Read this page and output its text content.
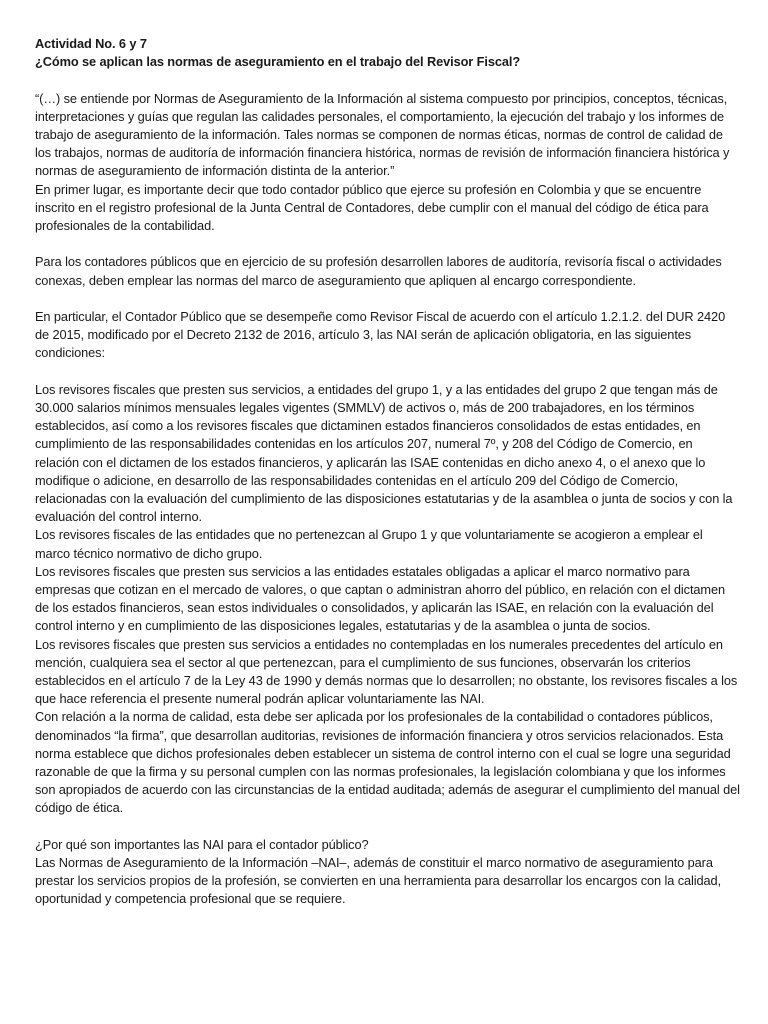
Actividad No. 6 y 7

¿Cómo se aplican las normas de aseguramiento en el trabajo del Revisor Fiscal?

“(…) se entiende por Normas de Aseguramiento de la Información al sistema compuesto por principios, conceptos, técnicas, interpretaciones y guías que regulan las calidades personales, el comportamiento, la ejecución del trabajo y los informes de trabajo de aseguramiento de la información. Tales normas se componen de normas éticas, normas de control de calidad de los trabajos, normas de auditoría de información financiera histórica, normas de revisión de información financiera histórica y normas de aseguramiento de información distinta de la anterior.”

En primer lugar, es importante decir que todo contador público que ejerce su profesión en Colombia y que se encuentre inscrito en el registro profesional de la Junta Central de Contadores, debe cumplir con el manual del código de ética para profesionales de la contabilidad.

Para los contadores públicos que en ejercicio de su profesión desarrollen labores de auditoría, revisoría fiscal o actividades conexas, deben emplear las normas del marco de aseguramiento que apliquen al encargo correspondiente.

En particular, el Contador Público que se desempeñe como Revisor Fiscal de acuerdo con el artículo 1.2.1.2. del DUR 2420 de 2015, modificado por el Decreto 2132 de 2016, artículo 3, las NAI serán de aplicación obligatoria, en las siguientes condiciones:

Los revisores fiscales que presten sus servicios, a entidades del grupo 1, y a las entidades del grupo 2 que tengan más de 30.000 salarios mínimos mensuales legales vigentes (SMMLV) de activos o, más de 200 trabajadores, en los términos establecidos, así como a los revisores fiscales que dictaminen estados financieros consolidados de estas entidades, en cumplimiento de las responsabilidades contenidas en los artículos 207, numeral 7º, y 208 del Código de Comercio, en relación con el dictamen de los estados financieros, y aplicarán las ISAE contenidas en dicho anexo 4, o el anexo que lo modifique o adicione, en desarrollo de las responsabilidades contenidas en el artículo 209 del Código de Comercio, relacionadas con la evaluación del cumplimiento de las disposiciones estatutarias y de la asamblea o junta de socios y con la evaluación del control interno.

Los revisores fiscales de las entidades que no pertenezcan al Grupo 1 y que voluntariamente se acogieron a emplear el marco técnico normativo de dicho grupo.

Los revisores fiscales que presten sus servicios a las entidades estatales obligadas a aplicar el marco normativo para empresas que cotizan en el mercado de valores, o que captan o administran ahorro del público, en relación con el dictamen de los estados financieros, sean estos individuales o consolidados, y aplicarán las ISAE, en relación con la evaluación del control interno y en cumplimiento de las disposiciones legales, estatutarias y de la asamblea o junta de socios.

Los revisores fiscales que presten sus servicios a entidades no contempladas en los numerales precedentes del artículo en mención, cualquiera sea el sector al que pertenezcan, para el cumplimiento de sus funciones, observarán los criterios establecidos en el artículo 7 de la Ley 43 de 1990 y demás normas que lo desarrollen; no obstante, los revisores fiscales a los que hace referencia el presente numeral podrán aplicar voluntariamente las NAI.

Con relación a la norma de calidad, esta debe ser aplicada por los profesionales de la contabilidad o contadores públicos, denominados “la firma”, que desarrollan auditorias, revisiones de información financiera y otros servicios relacionados. Esta norma establece que dichos profesionales deben establecer un sistema de control interno con el cual se logre una seguridad razonable de que la firma y su personal cumplen con las normas profesionales, la legislación colombiana y que los informes son apropiados de acuerdo con las circunstancias de la entidad auditada; además de asegurar el cumplimiento del manual del código de ética.

¿Por qué son importantes las NAI para el contador público?

Las Normas de Aseguramiento de la Información –NAI–, además de constituir el marco normativo de aseguramiento para prestar los servicios propios de la profesión, se convierten en una herramienta para desarrollar los encargos con la calidad, oportunidad y competencia profesional que se requiere.
